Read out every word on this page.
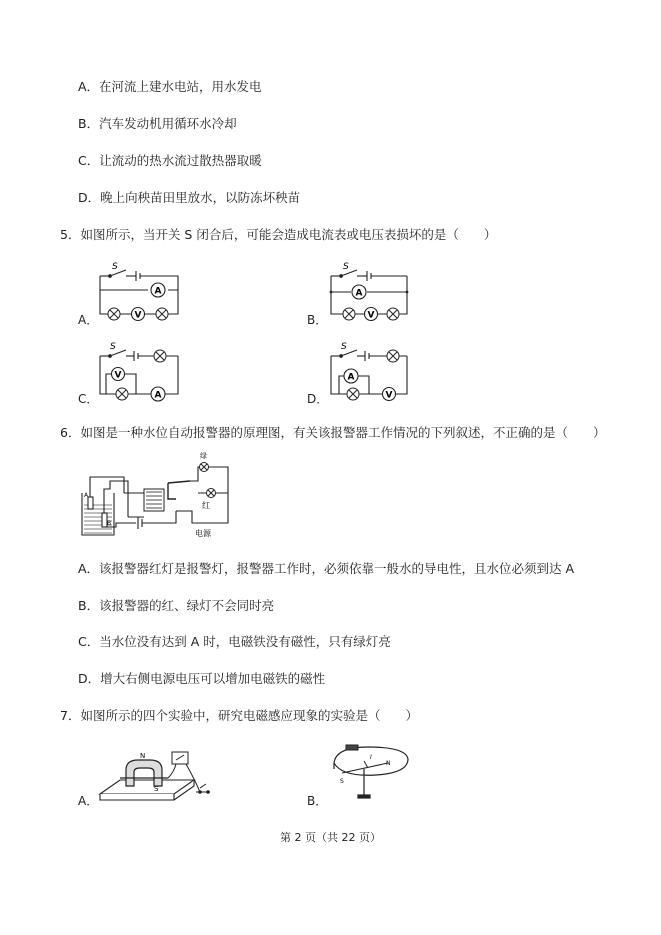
A．在河流上建水电站，用水发电
B．汽车发动机用循环水冷却
C．让流动的热水流过散热器取暖
D．晚上向秧苗田里放水，以防冻坏秧苗
5．如图所示，当开关 S 闭合后，可能会造成电流表或电压表损坏的是（　　）
A．	B．
C．	D．
A
V
S
A
V
S
V
A
S
A
V
S
6．如图是一种水位自动报警器的原理图，有关该报警器工作情况的下列叙述，不正确的是（　　）
A
B
绿
红
电源
A．该报警器红灯是报警灯，报警器工作时，必须依靠一般水的导电性，且水位必须到达 A
B．该报警器的红、绿灯不会同时亮
C．当水位没有达到 A 时，电磁铁没有磁性，只有绿灯亮
D．增大右侧电源电压可以增加电磁铁的磁性
7．如图所示的四个实验中，研究电磁感应现象的实验是（　　）
A．	B．
N
S
S
N
I
第 2 页（共 22 页）
